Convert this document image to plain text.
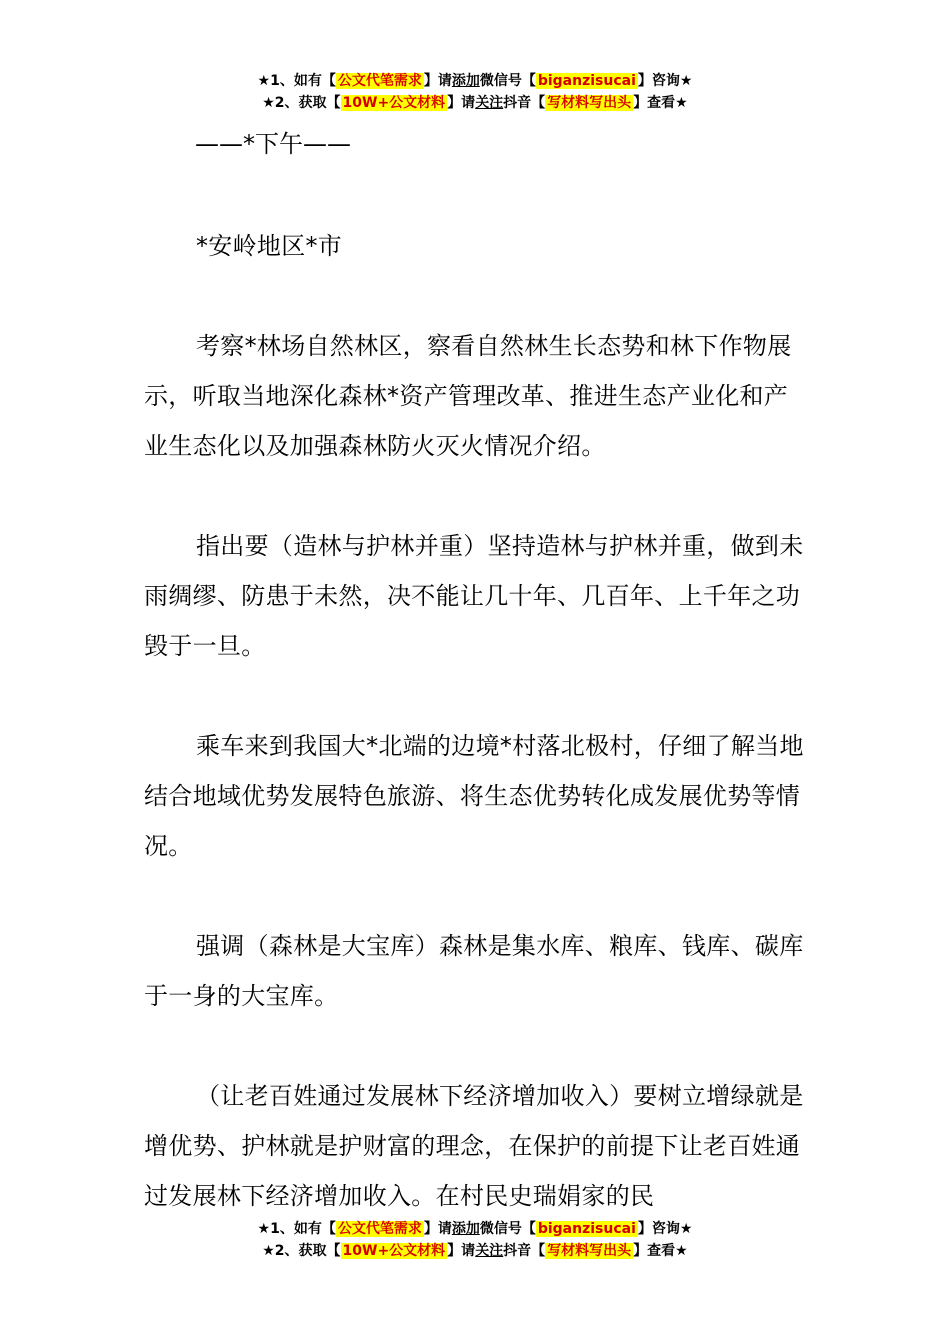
★1、如有【 公文代笔需求 】请添加微信号【 biganzisucai 】咨询★
★2、获取【 10W+公文材料 】请关注抖音【 写材料写出头 】查看★
——*下午——

*安岭地区*市

考察*林场自然林区，察看自然林生长态势和林下作物展示，听取当地深化森林*资产管理改革、推进生态产业化和产业生态化以及加强森林防火灭火情况介绍。

指出要（造林与护林并重）坚持造林与护林并重，做到未雨绸缪、防患于未然，决不能让几十年、几百年、上千年之功毁于一旦。

乘车来到我国大*北端的边境*村落北极村，仔细了解当地结合地域优势发展特色旅游、将生态优势转化成发展优势等情况。

强调（森林是大宝库）森林是集水库、粮库、钱库、碳库于一身的大宝库。

（让老百姓通过发展林下经济增加收入）要树立增绿就是增优势、护林就是护财富的理念，在保护的前提下让老百姓通过发展林下经济增加收入。在村民史瑞娟家的民

★1、如有【 公文代笔需求 】请添加微信号【 biganzisucai 】咨询★
★2、获取【 10W+公文材料 】请关注抖音【 写材料写出头 】查看★
